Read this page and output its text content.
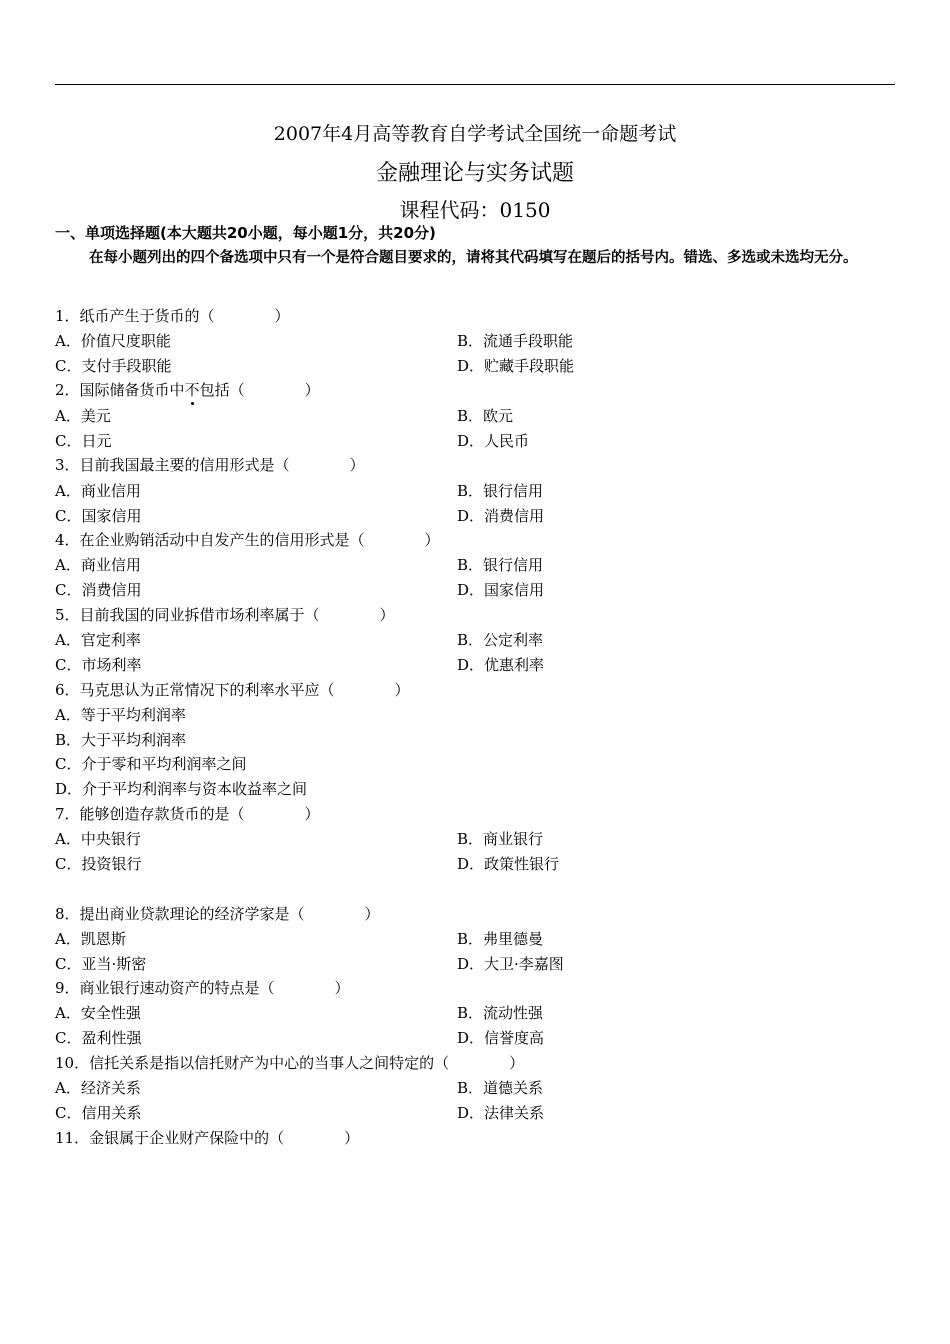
2007年4月高等教育自学考试全国统一命题考试
金融理论与实务试题
课程代码：0150
一、单项选择题(本大题共20小题，每小题1分，共20分)
在每小题列出的四个备选项中只有一个是符合题目要求的，请将其代码填写在题后的括号内。错选、多选或未选均无分。
1．纸币产生于货币的（	）
A．价值尺度职能	B．流通手段职能
C．支付手段职能	D．贮藏手段职能
2．国际储备货币中不包括（	）
A．美元	B．欧元
C．日元	D．人民币
3．目前我国最主要的信用形式是（	）
A．商业信用	B．银行信用
C．国家信用	D．消费信用
4．在企业购销活动中自发产生的信用形式是（	）
A．商业信用	B．银行信用
C．消费信用	D．国家信用
5．目前我国的同业拆借市场利率属于（	）
A．官定利率	B．公定利率
C．市场利率	D．优惠利率
6．马克思认为正常情况下的利率水平应（	）
A．等于平均利润率
B．大于平均利润率
C．介于零和平均利润率之间
D．介于平均利润率与资本收益率之间
7．能够创造存款货币的是（	）
A．中央银行	B．商业银行
C．投资银行	D．政策性银行
8．提出商业贷款理论的经济学家是（	）
A．凯恩斯	B．弗里德曼
C．亚当·斯密	D．大卫·李嘉图
9．商业银行速动资产的特点是（	）
A．安全性强	B．流动性强
C．盈利性强	D．信誉度高
10．信托关系是指以信托财产为中心的当事人之间特定的（	）
A．经济关系	B．道德关系
C．信用关系	D．法律关系
11．金银属于企业财产保险中的（	）
